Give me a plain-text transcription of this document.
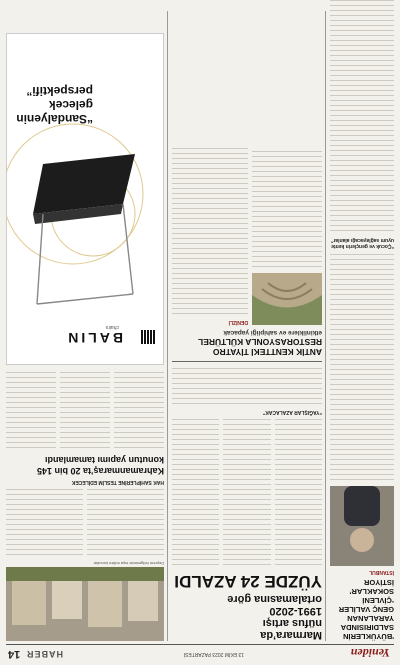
Yeniden
13 EKİM 2023 PAZARTESİ
HABER
14
'BÜYÜKLERİN SALDIRISINDA
YARALANAN GENÇ VALİLER
‘ÇİVLENİ SOKAKLAR’ İSTİYOR
İSTANBUL
“Çocuk ve gençlerin kente uyum sağlayacağı alanlar”
Marmara’da
nüfus artışı
1991-2020
ortalamasına göre
YÜZDE 24 AZALDI
“YAĞIŞLAR AZALACAK”
ANTİK KENTTEKİ TİYATRO
RESTORASYONLA KÜLTÜREL
etkinliklere ev sahipliği yapacak
DENİZLİ
Deprem bölgesinde inşa edilen konutlar
HAK SAHİPLERİNE TESLİM EDİLECEK
Kahramanmaraş’ta 20 bin 145
konutun yapımı tamamlandı
BALIN
chairs
“Sandalyenin
gelecek
perspektifi”
